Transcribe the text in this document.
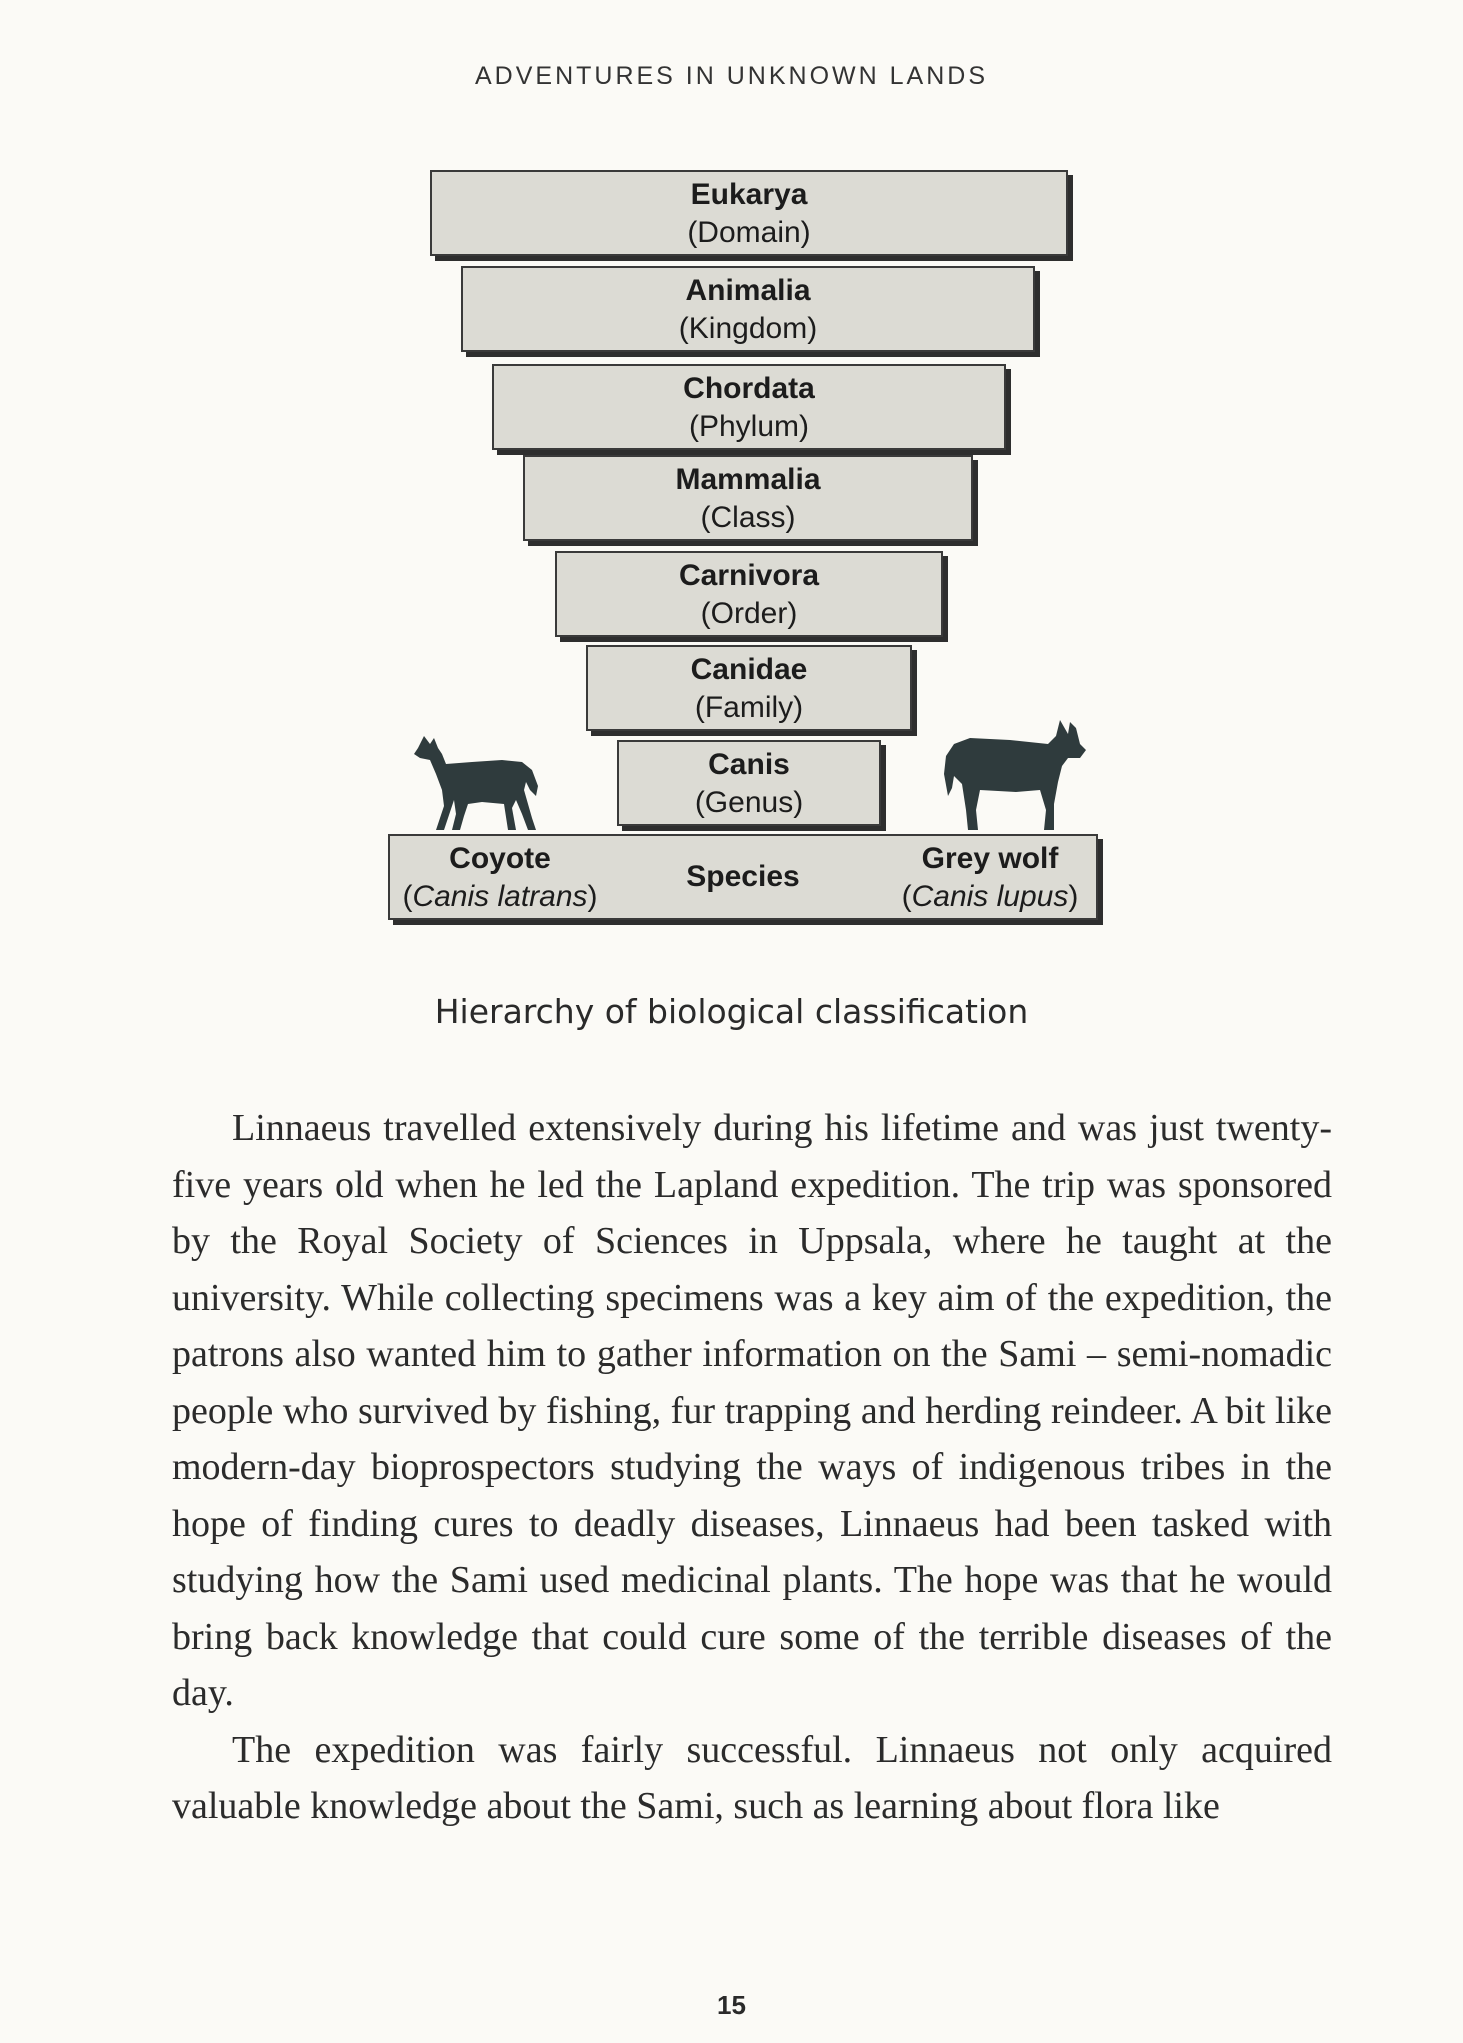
ADVENTURES IN UNKNOWN LANDS
Eukarya
(Domain)
Animalia
(Kingdom)
Chordata
(Phylum)
Mammalia
(Class)
Carnivora
(Order)
Canidae
(Family)
Canis
(Genus)
Coyote
(Canis latrans)
Species
Grey wolf
(Canis lupus)
Hierarchy of biological classification

Linnaeus travelled extensively during his lifetime and was just twenty-five years old when he led the Lapland expedition. The trip was sponsored by the Royal Society of Sciences in Uppsala, where he taught at the university. While collecting specimens was a key aim of the expedition, the patrons also wanted him to gather information on the Sami – semi-nomadic people who survived by fishing, fur trapping and herding reindeer. A bit like modern-day bioprospectors studying the ways of indigenous tribes in the hope of finding cures to deadly diseases, Linnaeus had been tasked with studying how the Sami used medicinal plants. The hope was that he would bring back knowledge that could cure some of the terrible diseases of the day.

The expedition was fairly successful. Linnaeus not only acquired valuable knowledge about the Sami, such as learning about flora like

15
